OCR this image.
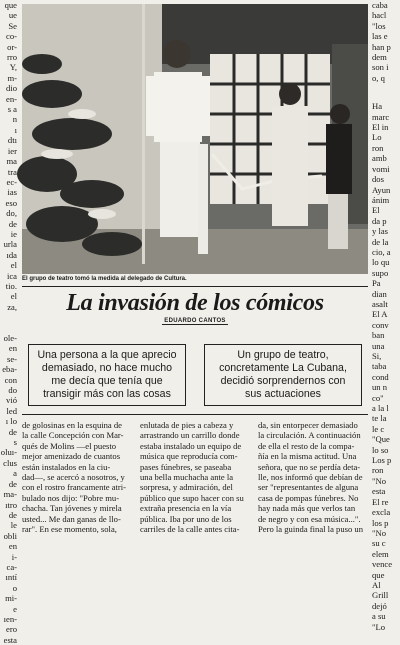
que
ue
Se
co-
or-
rro
Y,
m-
dio
en-
s a
n
ı
dtı
ier
ma
tra
ec-
ias
eso
do,
de
ie
urla
ıda
el
ica
tio.
el
za,

ole-
en
se-
eba-
con
do
vió
led
ı lo
de
s
oluı-
clus
a
de
ma-
ıtro
de
le
obli
en
i-
ca-
ıntí
o
mi-
e
ıen-
ero
esta
El grupo de teatro tomó la medida al delegado de Cultura.
caba
hacl
"los
las e
han p
dem
son i
o, q
Ha
marc
El in
Lo
ron
amb
vomi
dos
Ayun
ánim
El
da p
y las
de la
cio, a
lo qu
supo
Pa
dian
asalt
El A
conv
ban
una
Si,
taba
cond
un n
co"
a la l
te la
le c
"Que
lo so
Los p
ron
"No
esta
El re
excla
los p
"No
su c
elem
vence
que
Al
Grill
dejó
a su
"Lo
La invasión de los cómicos
EDUARDO CANTOS
Una persona a la que aprecio demasiado, no hace mucho me decía que tenía que transigir más con las cosas
Un grupo de teatro, concretamente La Cubana, decidió sorprendernos con sus actuaciones
de golosinas en la esquina de
la calle Concepción con Mar-
qués de Molins —el puesto
mejor amenizado de cuantos
están instalados en la ciu-
dad—, se acercó a nosotros, y
con el rostro francamente atri-
bulado nos dijo: "Pobre mu-
chacha. Tan jóvenes y mirela
usted... Me dan ganas de llo-
rar". En ese momento, sola,
enlutada de pies a cabeza y
arrastrando un carrillo donde
estaba instalado un equipo de
música que reproducía com-
pases fúnebres, se paseaba
una bella muchacha ante la
sorpresa, y admiración, del
público que supo hacer con su
extraña presencia en la vía
pública. Iba por uno de los
carriles de la calle antes cita-
da, sin entorpecer demasiado
la circulación. A continuación
de ella el resto de la compa-
ñía en la misma actitud. Una
señora, que no se perdía deta-
lle, nos informó que debían de
ser "representantes de alguna
casa de pompas fúnebres. No
hay nada más que verlos tan
de negro y con esa música...".
Pero la guinda final la puso un
